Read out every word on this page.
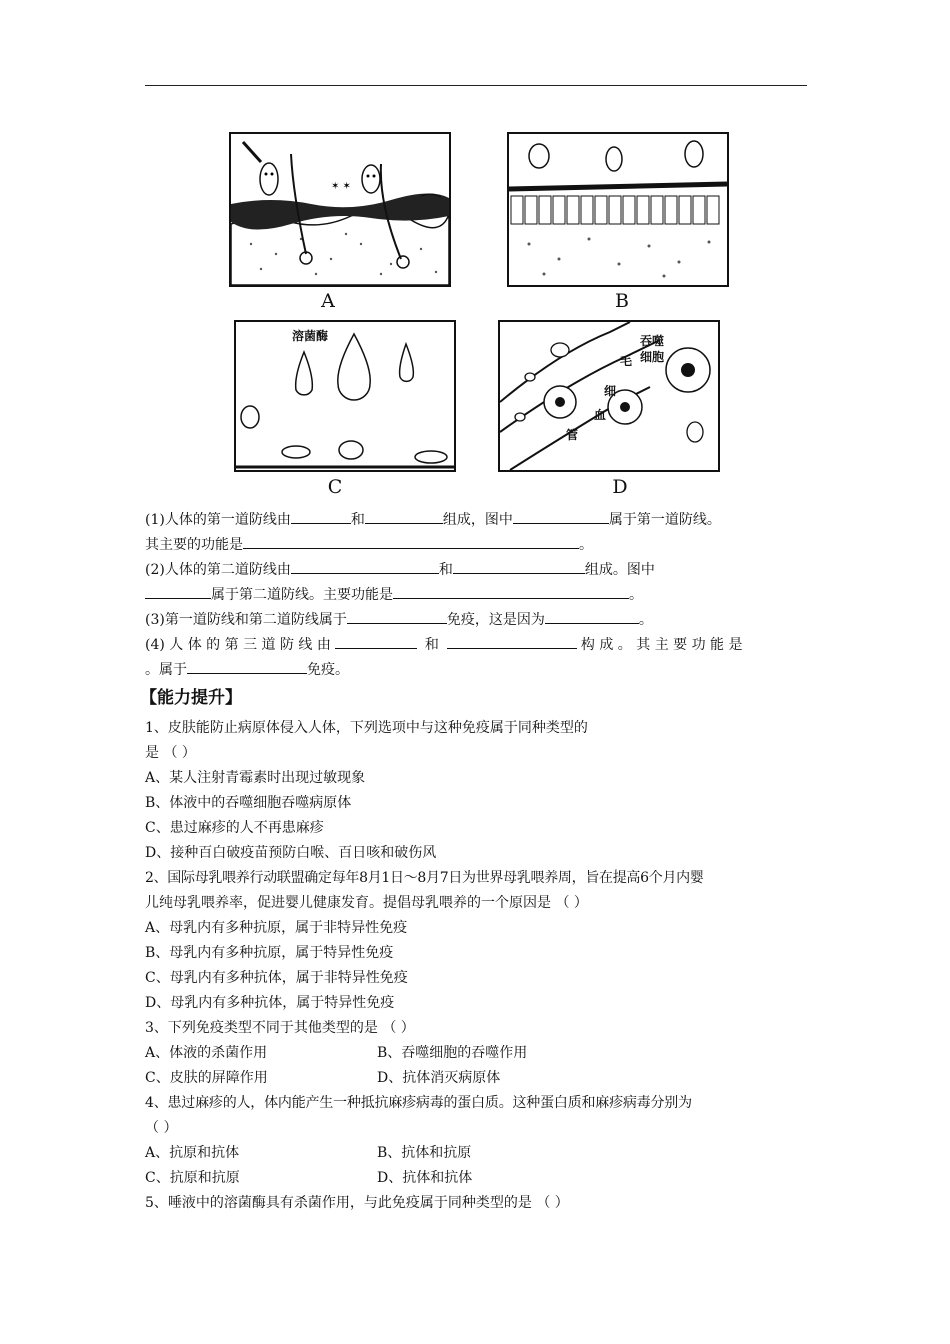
✶ ✶
A	B
溶菌酶
C
吞噬
细胞
毛
细
血
管
D
(1)人体的第一道防线由	和	组成，图中	属于第一道防线。
其主要的功能是	。
(2)人体的第二道防线由	和	组成。图中
属于第二道防线。主要功能是	。
(3)第一道防线和第二道防线属于	免疫，这是因为	。
(4) 人 体 的 第 三 道 防 线 由	和	构 成 。 其 主 要 功 能 是
。属于	免疫。
【能力提升】
1、皮肤能防止病原体侵入人体，下列选项中与这种免疫属于同种类型的
是 （ ）
A、某人注射青霉素时出现过敏现象
B、体液中的吞噬细胞吞噬病原体
C、患过麻疹的人不再患麻疹
D、接种百白破疫苗预防白喉、百日咳和破伤风
2、国际母乳喂养行动联盟确定每年8月1日～8月7日为世界母乳喂养周，旨在提高6个月内婴
儿纯母乳喂养率，促进婴儿健康发育。提倡母乳喂养的一个原因是 （ ）
A、母乳内有多种抗原，属于非特异性免疫
B、母乳内有多种抗原，属于特异性免疫
C、母乳内有多种抗体，属于非特异性免疫
D、母乳内有多种抗体，属于特异性免疫
3、下列免疫类型不同于其他类型的是 （ ）
A、体液的杀菌作用	B、吞噬细胞的吞噬作用
C、皮肤的屏障作用	D、抗体消灭病原体
4、患过麻疹的人，体内能产生一种抵抗麻疹病毒的蛋白质。这种蛋白质和麻疹病毒分别为
（ ）
A、抗原和抗体	B、抗体和抗原
C、抗原和抗原	D、抗体和抗体
5、唾液中的溶菌酶具有杀菌作用，与此免疫属于同种类型的是 （ ）
